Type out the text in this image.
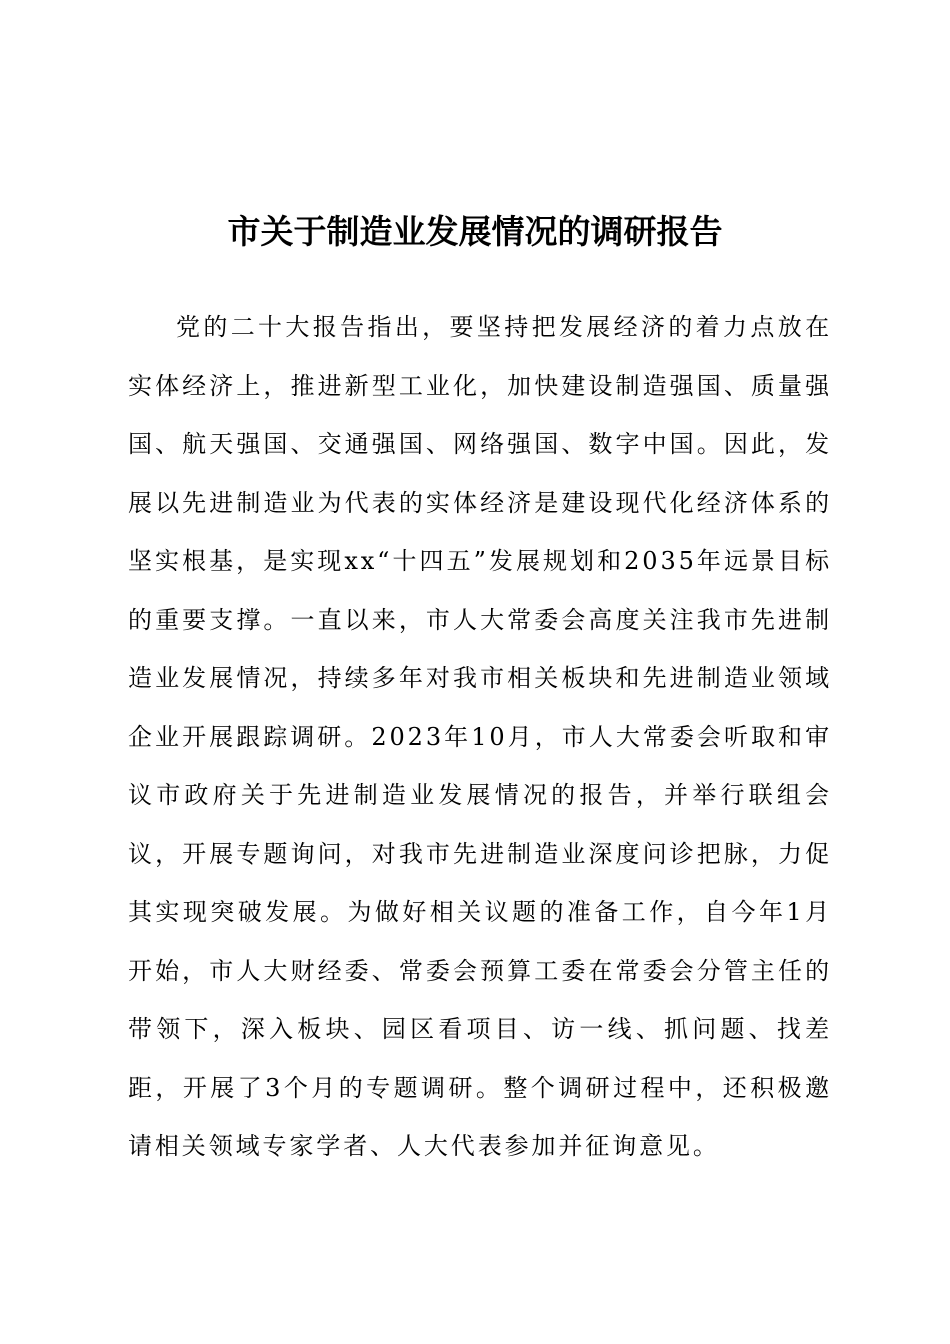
市关于制造业发展情况的调研报告

党的二十大报告指出，要坚持把发展经济的着力点放在实体经济上，推进新型工业化，加快建设制造强国、质量强国、航天强国、交通强国、网络强国、数字中国。因此，发展以先进制造业为代表的实体经济是建设现代化经济体系的坚实根基，是实现xx“十四五”发展规划和2035年远景目标的重要支撑。一直以来，市人大常委会高度关注我市先进制造业发展情况，持续多年对我市相关板块和先进制造业领域企业开展跟踪调研。2023年10月，市人大常委会听取和审议市政府关于先进制造业发展情况的报告，并举行联组会议，开展专题询问，对我市先进制造业深度问诊把脉，力促其实现突破发展。为做好相关议题的准备工作，自今年1月开始，市人大财经委、常委会预算工委在常委会分管主任的带领下，深入板块、园区看项目、访一线、抓问题、找差距，开展了3个月的专题调研。整个调研过程中，还积极邀请相关领域专家学者、人大代表参加并征询意见。
